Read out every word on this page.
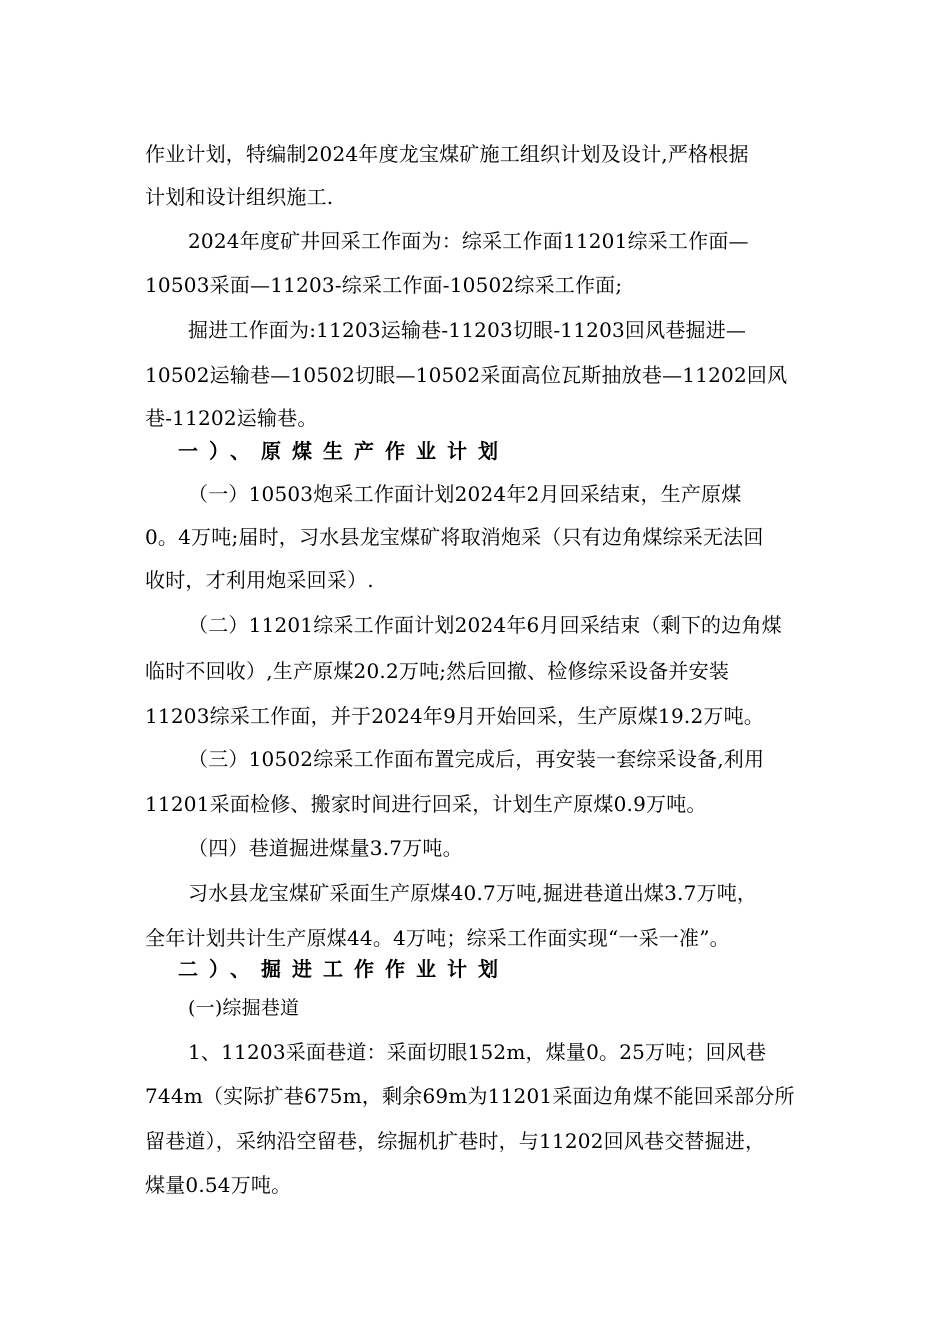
作业计划，特编制2024年度龙宝煤矿施工组织计划及设计,严格根据
计划和设计组织施工.
2024年度矿井回采工作面为：综采工作面11201综采工作面—
10503采面—11203-综采工作面-10502综采工作面;
掘进工作面为:11203运输巷-11203切眼-11203回风巷掘进—
10502运输巷—10502切眼—10502采面高位瓦斯抽放巷—11202回风
巷-11202运输巷。
一）、原煤生产作业计划
（一）10503炮采工作面计划2024年2月回采结束，生产原煤
0。4万吨;届时，习水县龙宝煤矿将取消炮采（只有边角煤综采无法回
收时，才利用炮采回采）.
（二）11201综采工作面计划2024年6月回采结束（剩下的边角煤
临时不回收）,生产原煤20.2万吨;然后回撤、检修综采设备并安装
11203综采工作面，并于2024年9月开始回采，生产原煤19.2万吨。
（三）10502综采工作面布置完成后，再安装一套综采设备,利用
11201采面检修、搬家时间进行回采，计划生产原煤0.9万吨。
（四）巷道掘进煤量3.7万吨。
习水县龙宝煤矿采面生产原煤40.7万吨,掘进巷道出煤3.7万吨，
全年计划共计生产原煤44。4万吨；综采工作面实现“一采一准”。
二）、掘进工作作业计划
(一)综掘巷道
1、11203采面巷道：采面切眼152m，煤量0。25万吨；回风巷
744m（实际扩巷675m，剩余69m为11201采面边角煤不能回采部分所
留巷道），采纳沿空留巷，综掘机扩巷时，与11202回风巷交替掘进，
煤量0.54万吨。
